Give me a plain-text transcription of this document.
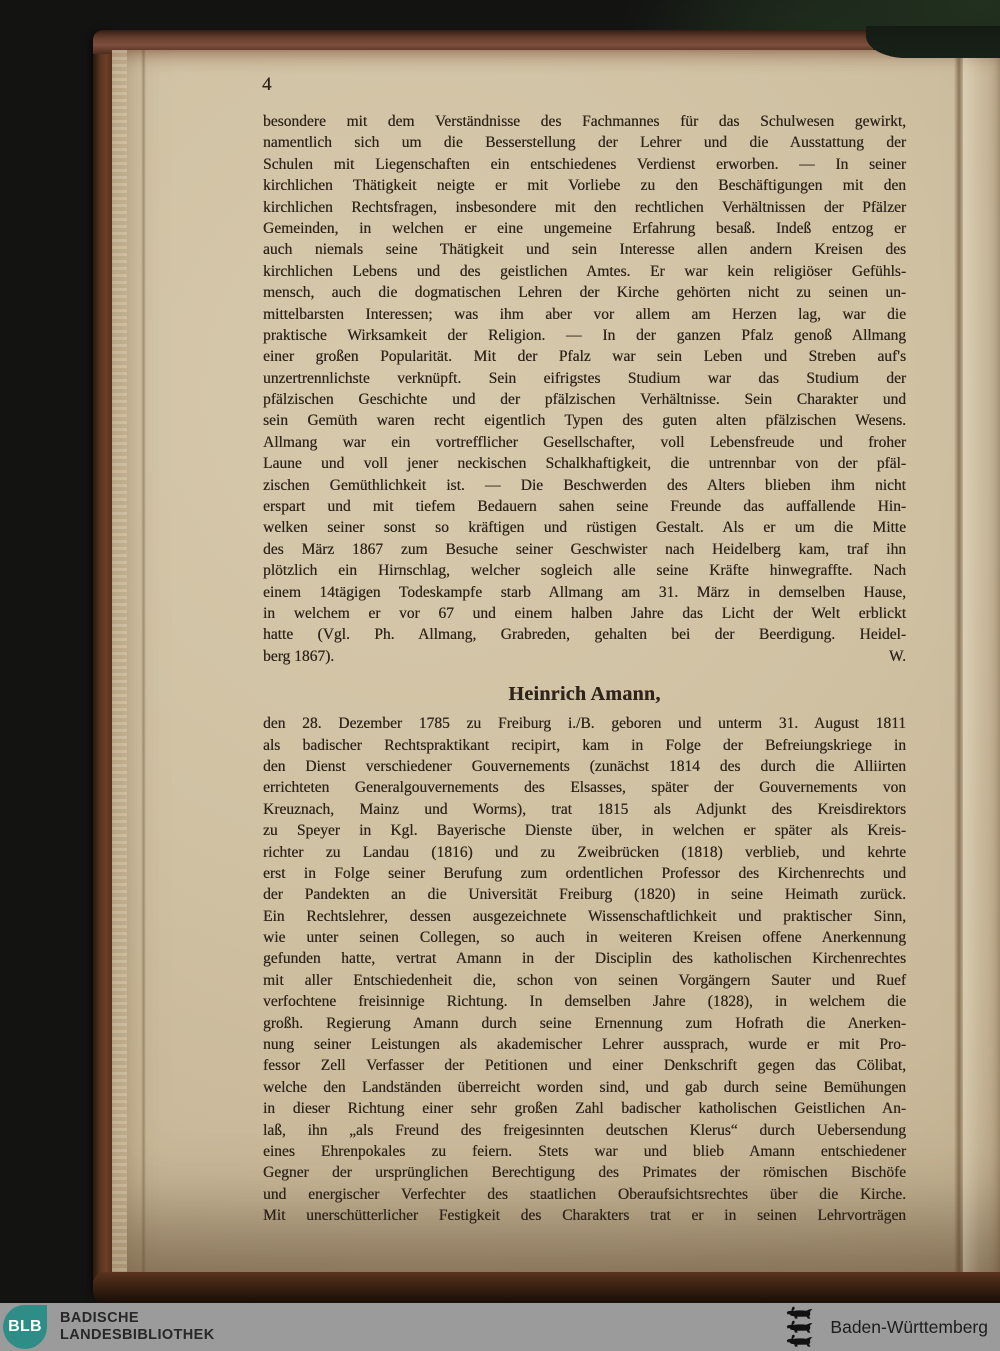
4
besondere mit dem Verständnisse des Fachmannes für das Schulwesen gewirkt,
namentlich sich um die Besserstellung der Lehrer und die Ausstattung der
Schulen mit Liegenschaften ein entschiedenes Verdienst erworben. — In seiner
kirchlichen Thätigkeit neigte er mit Vorliebe zu den Beschäftigungen mit den
kirchlichen Rechtsfragen, insbesondere mit den rechtlichen Verhältnissen der Pfälzer
Gemeinden, in welchen er eine ungemeine Erfahrung besaß. Indeß entzog er
auch niemals seine Thätigkeit und sein Interesse allen andern Kreisen des
kirchlichen Lebens und des geistlichen Amtes. Er war kein religiöser Gefühls-
mensch, auch die dogmatischen Lehren der Kirche gehörten nicht zu seinen un-
mittelbarsten Interessen; was ihm aber vor allem am Herzen lag, war die
praktische Wirksamkeit der Religion. — In der ganzen Pfalz genoß Allmang
einer großen Popularität. Mit der Pfalz war sein Leben und Streben auf's
unzertrennlichste verknüpft. Sein eifrigstes Studium war das Studium der
pfälzischen Geschichte und der pfälzischen Verhältnisse. Sein Charakter und
sein Gemüth waren recht eigentlich Typen des guten alten pfälzischen Wesens.
Allmang war ein vortrefflicher Gesellschafter, voll Lebensfreude und froher
Laune und voll jener neckischen Schalkhaftigkeit, die untrennbar von der pfäl-
zischen Gemüthlichkeit ist. — Die Beschwerden des Alters blieben ihm nicht
erspart und mit tiefem Bedauern sahen seine Freunde das auffallende Hin-
welken seiner sonst so kräftigen und rüstigen Gestalt. Als er um die Mitte
des März 1867 zum Besuche seiner Geschwister nach Heidelberg kam, traf ihn
plötzlich ein Hirnschlag, welcher sogleich alle seine Kräfte hinwegraffte. Nach
einem 14tägigen Todeskampfe starb Allmang am 31. März in demselben Hause,
in welchem er vor 67 und einem halben Jahre das Licht der Welt erblickt
hatte (Vgl. Ph. Allmang, Grabreden, gehalten bei der Beerdigung. Heidel-
berg 1867).	W.
Heinrich Amann,
den 28. Dezember 1785 zu Freiburg i./B. geboren und unterm 31. August 1811
als badischer Rechtspraktikant recipirt, kam in Folge der Befreiungskriege in
den Dienst verschiedener Gouvernements (zunächst 1814 des durch die Alliirten
errichteten Generalgouvernements des Elsasses, später der Gouvernements von
Kreuznach, Mainz und Worms), trat 1815 als Adjunkt des Kreisdirektors
zu Speyer in Kgl. Bayerische Dienste über, in welchen er später als Kreis-
richter zu Landau (1816) und zu Zweibrücken (1818) verblieb, und kehrte
erst in Folge seiner Berufung zum ordentlichen Professor des Kirchenrechts und
der Pandekten an die Universität Freiburg (1820) in seine Heimath zurück.
Ein Rechtslehrer, dessen ausgezeichnete Wissenschaftlichkeit und praktischer Sinn,
wie unter seinen Collegen, so auch in weiteren Kreisen offene Anerkennung
gefunden hatte, vertrat Amann in der Disciplin des katholischen Kirchenrechtes
mit aller Entschiedenheit die, schon von seinen Vorgängern Sauter und Ruef
verfochtene freisinnige Richtung. In demselben Jahre (1828), in welchem die
großh. Regierung Amann durch seine Ernennung zum Hofrath die Anerken-
nung seiner Leistungen als akademischer Lehrer aussprach, wurde er mit Pro-
fessor Zell Verfasser der Petitionen und einer Denkschrift gegen das Cölibat,
welche den Landständen überreicht worden sind, und gab durch seine Bemühungen
in dieser Richtung einer sehr großen Zahl badischer katholischen Geistlichen An-
laß, ihn „als Freund des freigesinnten deutschen Klerus“ durch Uebersendung
eines Ehrenpokales zu feiern. Stets war und blieb Amann entschiedener
Gegner der ursprünglichen Berechtigung des Primates der römischen Bischöfe
und energischer Verfechter des staatlichen Oberaufsichtsrechtes über die Kirche.
Mit unerschütterlicher Festigkeit des Charakters trat er in seinen Lehrvorträgen
BLB
BADISCHE
LANDESBIBLIOTHEK	Baden-Württemberg
